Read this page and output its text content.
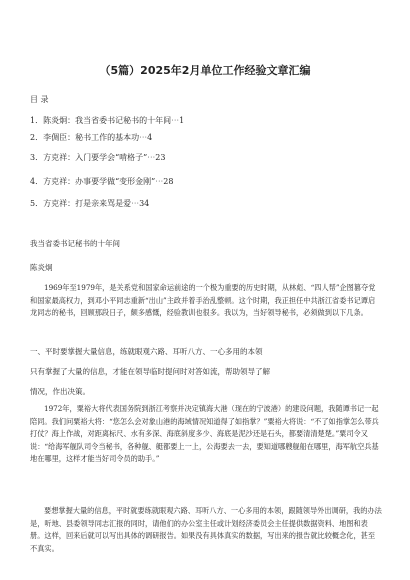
（5篇）2025年2月单位工作经验文章汇编
目 录
1．陈炎炯：我当省委书记秘书的十年间⋯1
2．李倜臣：秘书工作的基本功⋯4
3．方克祥：入门要学会“啃格子”⋯23
4．方克祥：办事要学做“变形金刚”⋯28
5．方克祥：打是亲来骂是爱⋯34
我当省委书记秘书的十年间
陈炎炯

1969年至1979年，是关系党和国家命运前途的一个极为重要的历史时期，从林彪、“四人帮”企图篡夺党和国家最高权力，到邓小平同志重新“出山”主政并着手治乱整顿。这个时期，我正担任中共浙江省委书记谭启龙同志的秘书，回顾那段日子，颇多感慨，经验教训也很多。我以为，当好领导秘书，必须做到以下几条。

一、平时要掌握大量信息，练就眼观六路、耳听八方、一心多用的本领
只有掌握了大量的信息，才能在领导临时提问时对答如流，帮助领导了解
情况，作出决策。

1972年，粟裕大将代表国务院到浙江考察并决定镇海大港（现在的宁波港）的建设问题，我随谭书记一起陪同。我们问粟裕大将：“您怎么会对象山港的海域情况知道得了如指掌？”粟裕大将说：“不了如指掌怎么带兵打仗？海上作战，对距离标尺、水有多深、海底斜度多少、海底是泥沙还是石头，都要清清楚楚。”粟司令又说：“给海军舰队司令当秘书，各种舰、艇都要上一上，公海要去一去，要知道哪艘舰船在哪里，海军航空兵基地在哪里，这样才能当好司令员的助手。”

要想掌握大量的信息，平时就要练就眼观六路、耳听八方、一心多用的本领，跟随领导外出调研，我的办法是，听地、县委领导同志汇报的同时，请他们的办公室主任或计划经济委员会主任提供数据资料、地图和表册。这样，回来后就可以写出具体的调研报告。如果没有具体真实的数据，写出来的报告就比较概念化，甚至不真实。
